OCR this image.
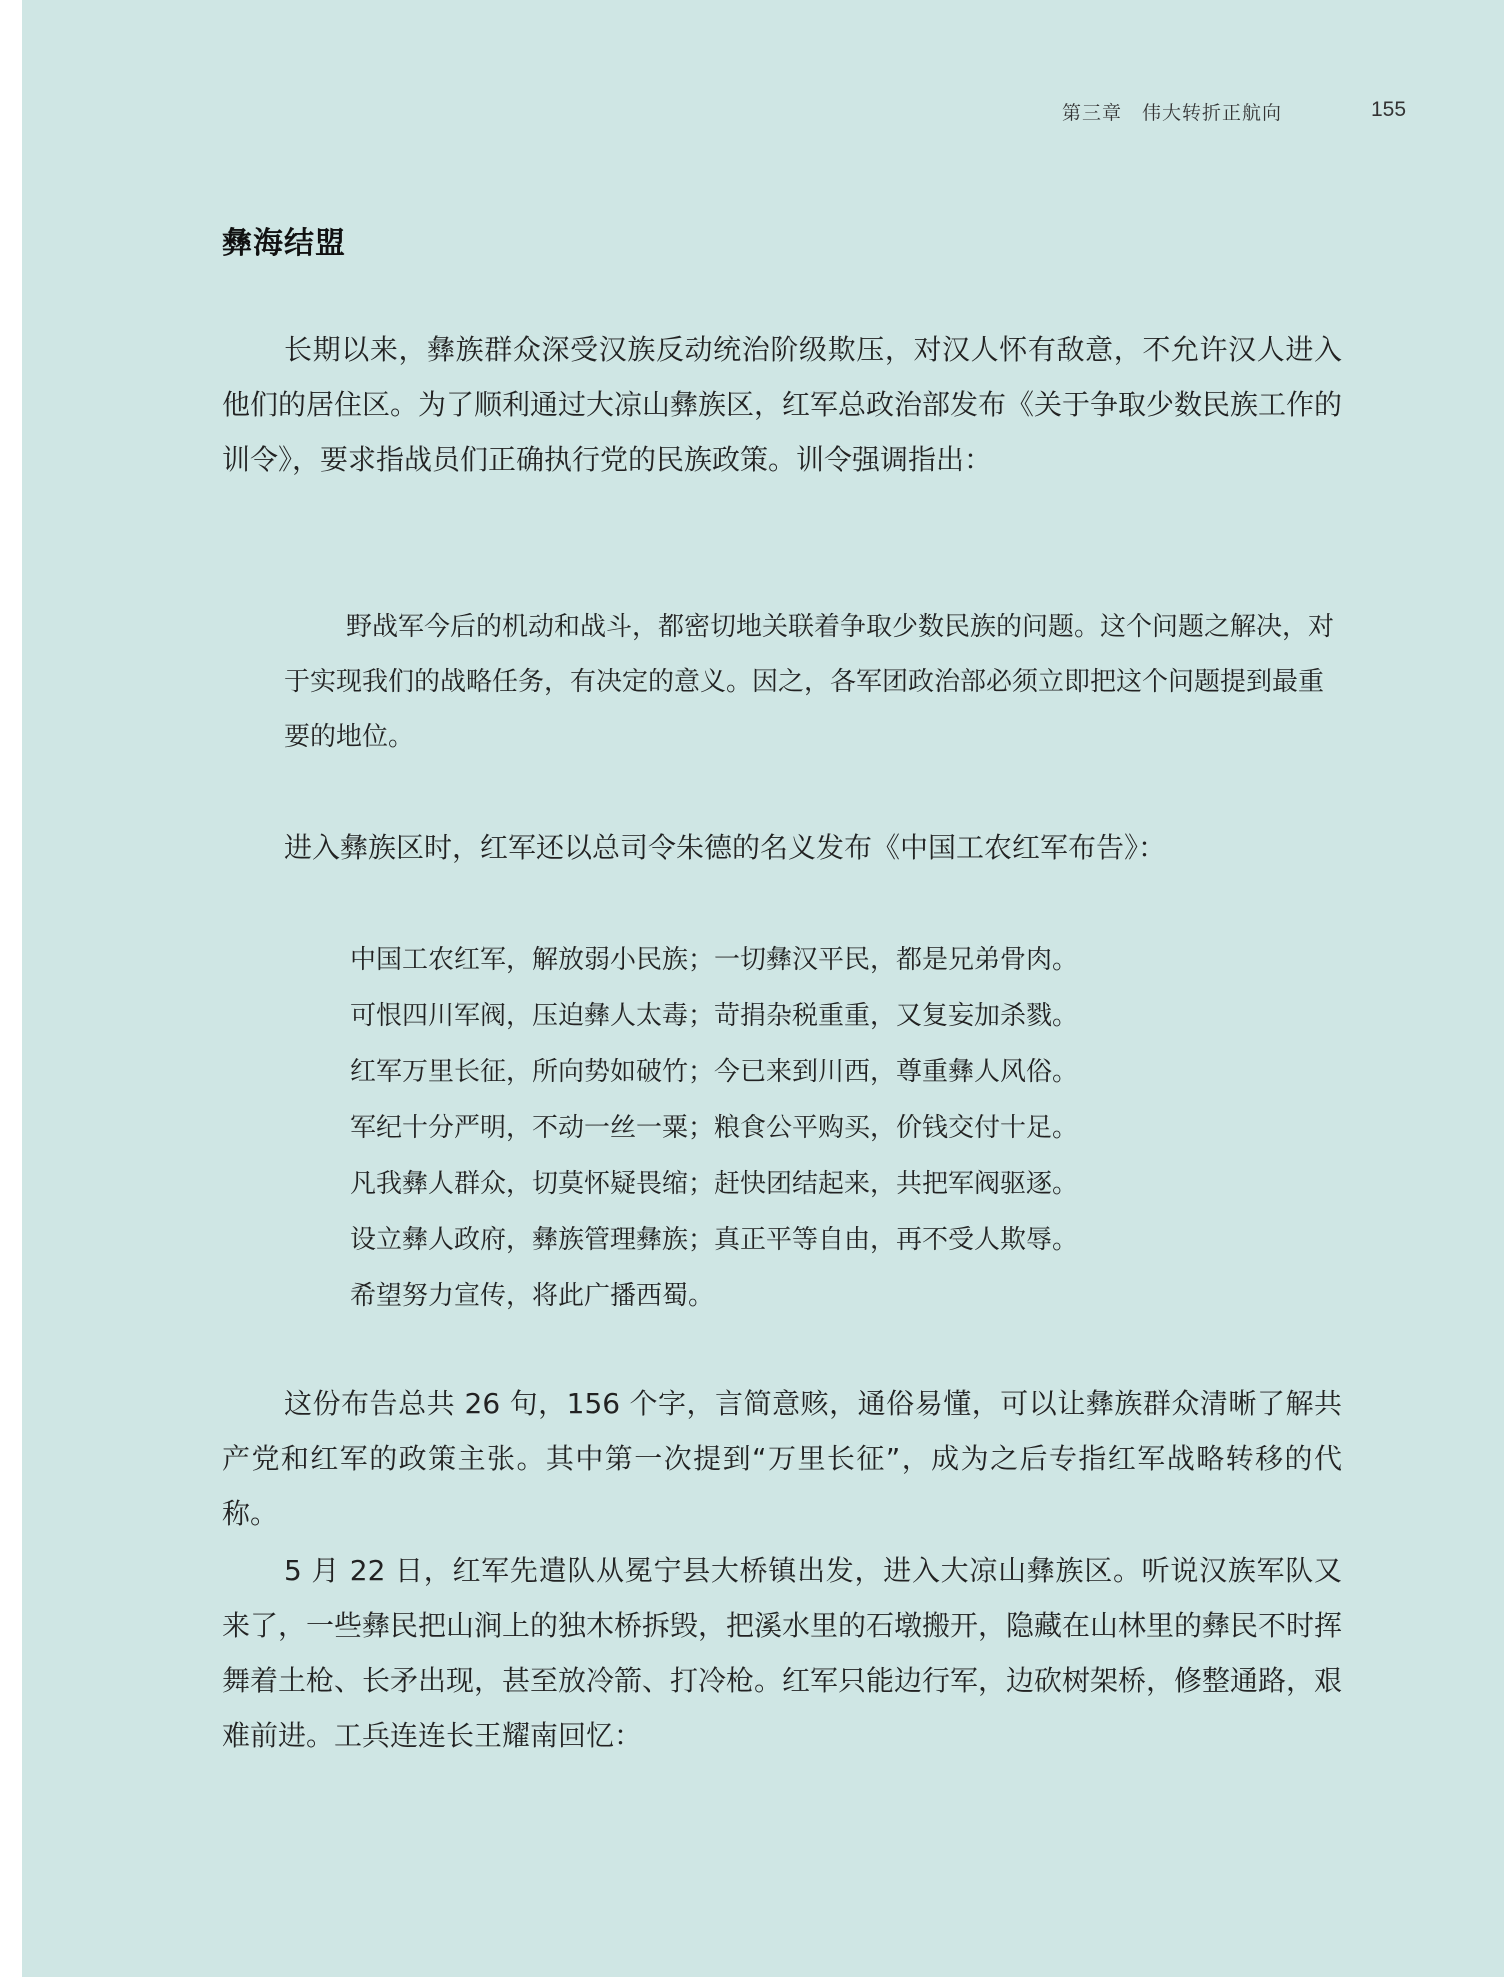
第三章　伟大转折正航向	155
彝海结盟

长期以来，彝族群众深受汉族反动统治阶级欺压，对汉人怀有敌意，不允许汉人进入他们的居住区。为了顺利通过大凉山彝族区，红军总政治部发布《关于争取少数民族工作的训令》，要求指战员们正确执行党的民族政策。训令强调指出：

野战军今后的机动和战斗，都密切地关联着争取少数民族的问题。这个问题之解决，对于实现我们的战略任务，有决定的意义。因之，各军团政治部必须立即把这个问题提到最重要的地位。

进入彝族区时，红军还以总司令朱德的名义发布《中国工农红军布告》：

中国工农红军，解放弱小民族；一切彝汉平民，都是兄弟骨肉。
可恨四川军阀，压迫彝人太毒；苛捐杂税重重，又复妄加杀戮。
红军万里长征，所向势如破竹；今已来到川西，尊重彝人风俗。
军纪十分严明，不动一丝一粟；粮食公平购买，价钱交付十足。
凡我彝人群众，切莫怀疑畏缩；赶快团结起来，共把军阀驱逐。
设立彝人政府，彝族管理彝族；真正平等自由，再不受人欺辱。
希望努力宣传，将此广播西蜀。

这份布告总共 26 句，156 个字，言简意赅，通俗易懂，可以让彝族群众清晰了解共产党和红军的政策主张。其中第一次提到“万里长征”，成为之后专指红军战略转移的代称。

5 月 22 日，红军先遣队从冕宁县大桥镇出发，进入大凉山彝族区。听说汉族军队又来了，一些彝民把山涧上的独木桥拆毁，把溪水里的石墩搬开，隐藏在山林里的彝民不时挥舞着土枪、长矛出现，甚至放冷箭、打冷枪。红军只能边行军，边砍树架桥，修整通路，艰难前进。工兵连连长王耀南回忆：
